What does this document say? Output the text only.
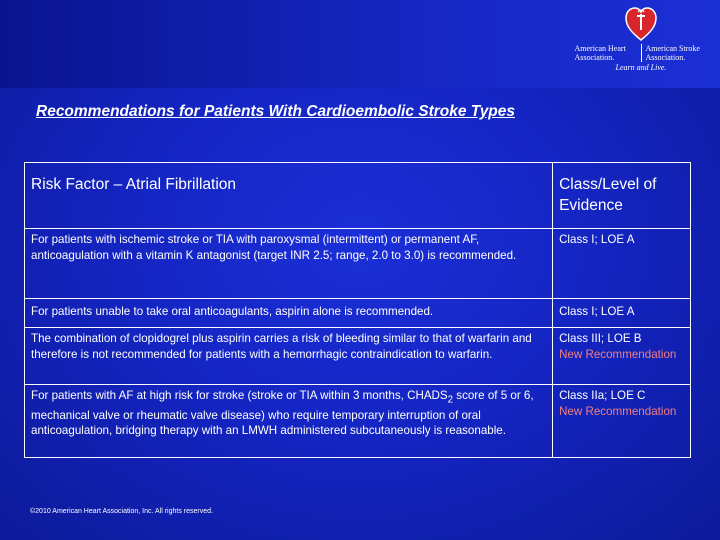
American Heart
Association.
American Stroke
Association.
Learn and Live.
Recommendations for Patients With Cardioembolic Stroke Types
Risk Factor – Atrial Fibrillation	Class/Level of Evidence
For patients with ischemic stroke or TIA with paroxysmal (intermittent) or permanent AF, anticoagulation with a vitamin K antagonist (target INR 2.5; range, 2.0 to 3.0) is recommended.	Class I; LOE A
For patients unable to take oral anticoagulants, aspirin alone is recommended.	Class I; LOE A
The combination of clopidogrel plus aspirin carries a risk of bleeding similar to that of warfarin and therefore is not recommended for patients with a hemorrhagic contraindication to warfarin.	Class III; LOE B
New Recommendation

For patients with AF at high risk for stroke (stroke or TIA within 3 months, $CHADS_2$ score of 5 or 6, mechanical valve or rheumatic valve disease) who require temporary interruption of oral anticoagulation, bridging therapy with an LMWH administered subcutaneously is reasonable.	Class IIa; LOE C
New Recommendation
©2010 American Heart Association, Inc. All rights reserved.
